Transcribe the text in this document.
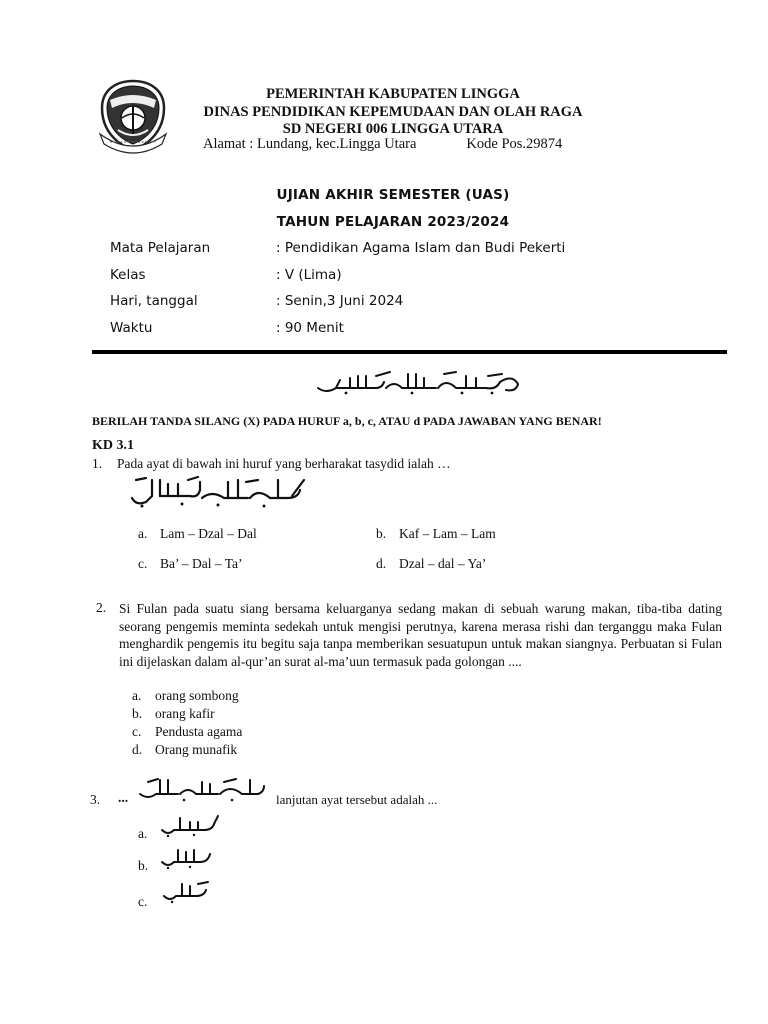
PEMERINTAH KABUPATEN LINGGA
DINAS PENDIDIKAN KEPEMUDAAN DAN OLAH RAGA
SD NEGERI 006 LINGGA UTARA
Alamat : Lundang, kec.Lingga Utara	Kode Pos.29874
UJIAN AKHIR SEMESTER (UAS)
TAHUN PELAJARAN 2023/2024
Mata Pelajaran	: Pendidikan Agama Islam dan Budi Pekerti
Kelas	: V (Lima)
Hari, tanggal	: Senin,3 Juni 2024
Waktu	: 90 Menit
BERILAH TANDA SILANG (X) PADA HURUF a, b, c, ATAU d PADA JAWABAN YANG BENAR!
KD 3.1
1. Pada ayat di bawah ini huruf yang berharakat tasydid ialah …
a. Lam – Dzal – Dal	b. Kaf – Lam – Lam
c. Ba’ – Dal – Ta’	d. Dzal – dal – Ya’
2. Si Fulan pada suatu siang bersama keluarganya sedang makan di sebuah warung makan, tiba-tiba dating seorang pengemis meminta sedekah untuk mengisi perutnya, karena merasa rishi dan terganggu maka Fulan menghardik pengemis itu begitu saja tanpa memberikan sesuatupun untuk makan siangnya. Perbuatan si Fulan ini dijelaskan dalam al-qur’an surat al-ma’uun termasuk pada golongan ....
a. orang sombong
b. orang kafir
c. Pendusta agama
d. Orang munafik
3. ...	lanjutan ayat tersebut adalah ...
a.
b.
c.
